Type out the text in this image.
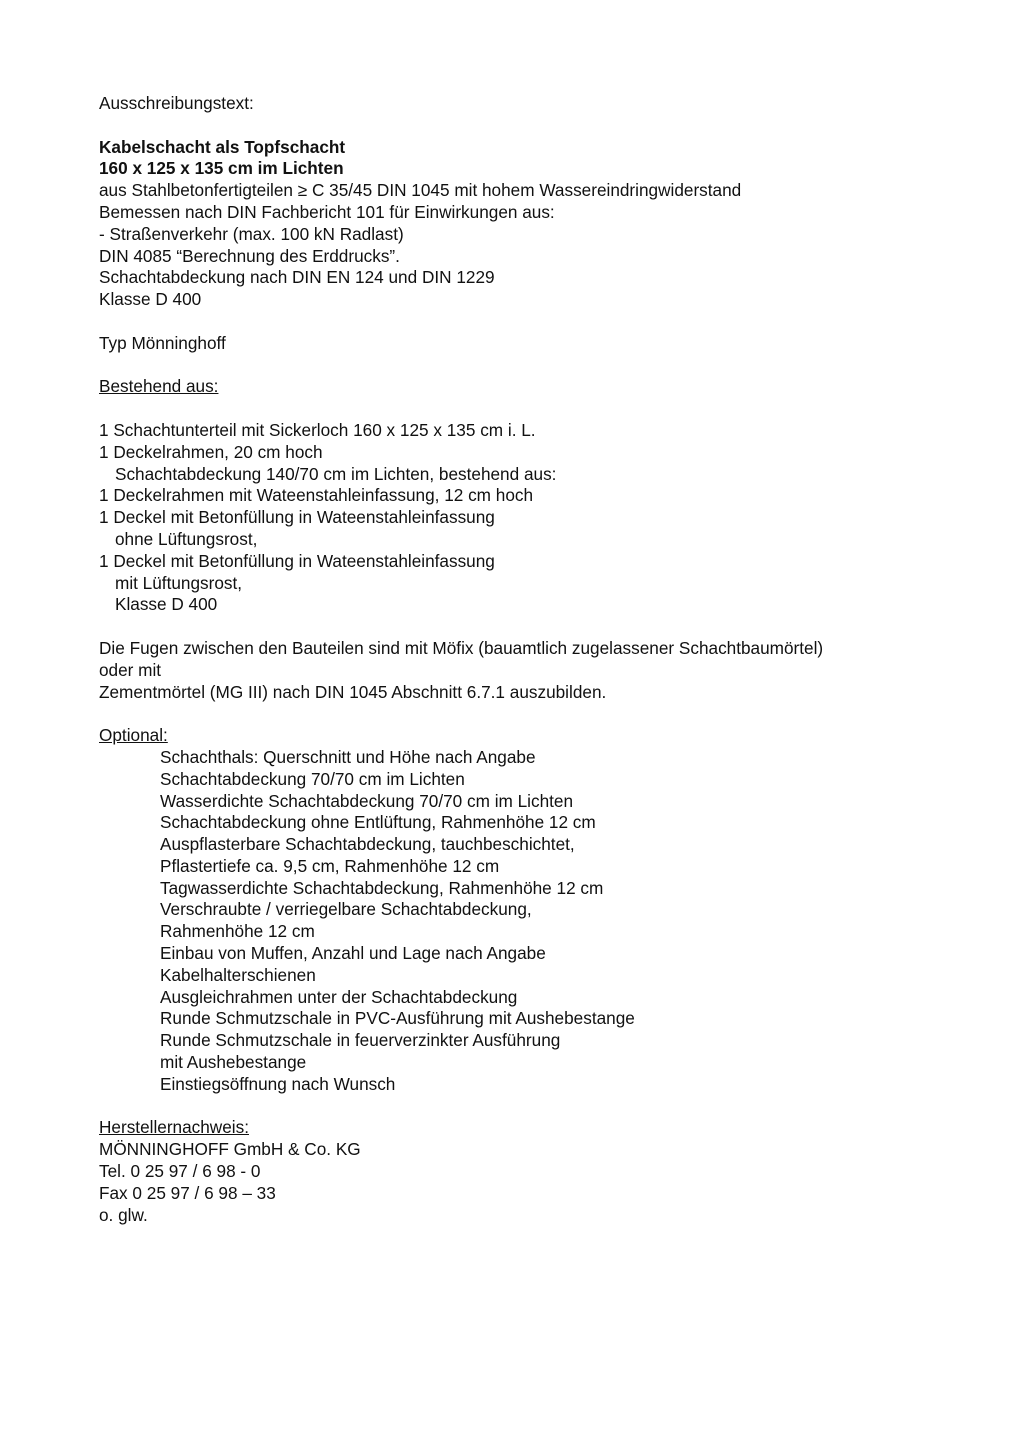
Ausschreibungstext:
Kabelschacht als Topfschacht
160 x 125 x 135 cm im Lichten
aus Stahlbetonfertigteilen ≥ C 35/45 DIN 1045 mit hohem Wassereindringwiderstand
Bemessen nach DIN Fachbericht 101 für Einwirkungen aus:
- Straßenverkehr (max. 100 kN Radlast)
DIN 4085 “Berechnung des Erddrucks”.
Schachtabdeckung nach DIN EN 124 und DIN 1229
Klasse D 400
Typ Mönninghoff
Bestehend aus:
1 Schachtunterteil mit Sickerloch 160 x 125 x 135 cm i. L.
1 Deckelrahmen, 20 cm hoch
Schachtabdeckung 140/70 cm im Lichten, bestehend aus:
1 Deckelrahmen mit Wateenstahleinfassung, 12 cm hoch
1 Deckel mit Betonfüllung in Wateenstahleinfassung
ohne Lüftungsrost,
1 Deckel mit Betonfüllung in Wateenstahleinfassung
mit Lüftungsrost,
Klasse D 400
Die Fugen zwischen den Bauteilen sind mit Möfix (bauamtlich zugelassener Schachtbaumörtel)
oder mit
Zementmörtel (MG III) nach DIN 1045 Abschnitt 6.7.1 auszubilden.
Optional:
Schachthals: Querschnitt und Höhe nach Angabe
Schachtabdeckung 70/70 cm im Lichten
Wasserdichte Schachtabdeckung 70/70 cm im Lichten
Schachtabdeckung ohne Entlüftung, Rahmenhöhe 12 cm
Auspflasterbare Schachtabdeckung, tauchbeschichtet,
Pflastertiefe ca. 9,5 cm, Rahmenhöhe 12 cm
Tagwasserdichte Schachtabdeckung, Rahmenhöhe 12 cm
Verschraubte / verriegelbare Schachtabdeckung,
Rahmenhöhe 12 cm
Einbau von Muffen, Anzahl und Lage nach Angabe
Kabelhalterschienen
Ausgleichrahmen unter der Schachtabdeckung
Runde Schmutzschale in PVC-Ausführung mit Aushebestange
Runde Schmutzschale in feuerverzinkter Ausführung
mit Aushebestange
Einstiegsöffnung nach Wunsch
Herstellernachweis:
MÖNNINGHOFF GmbH & Co. KG
Tel. 0 25 97 / 6 98 - 0
Fax 0 25 97 / 6 98 – 33
o. glw.
